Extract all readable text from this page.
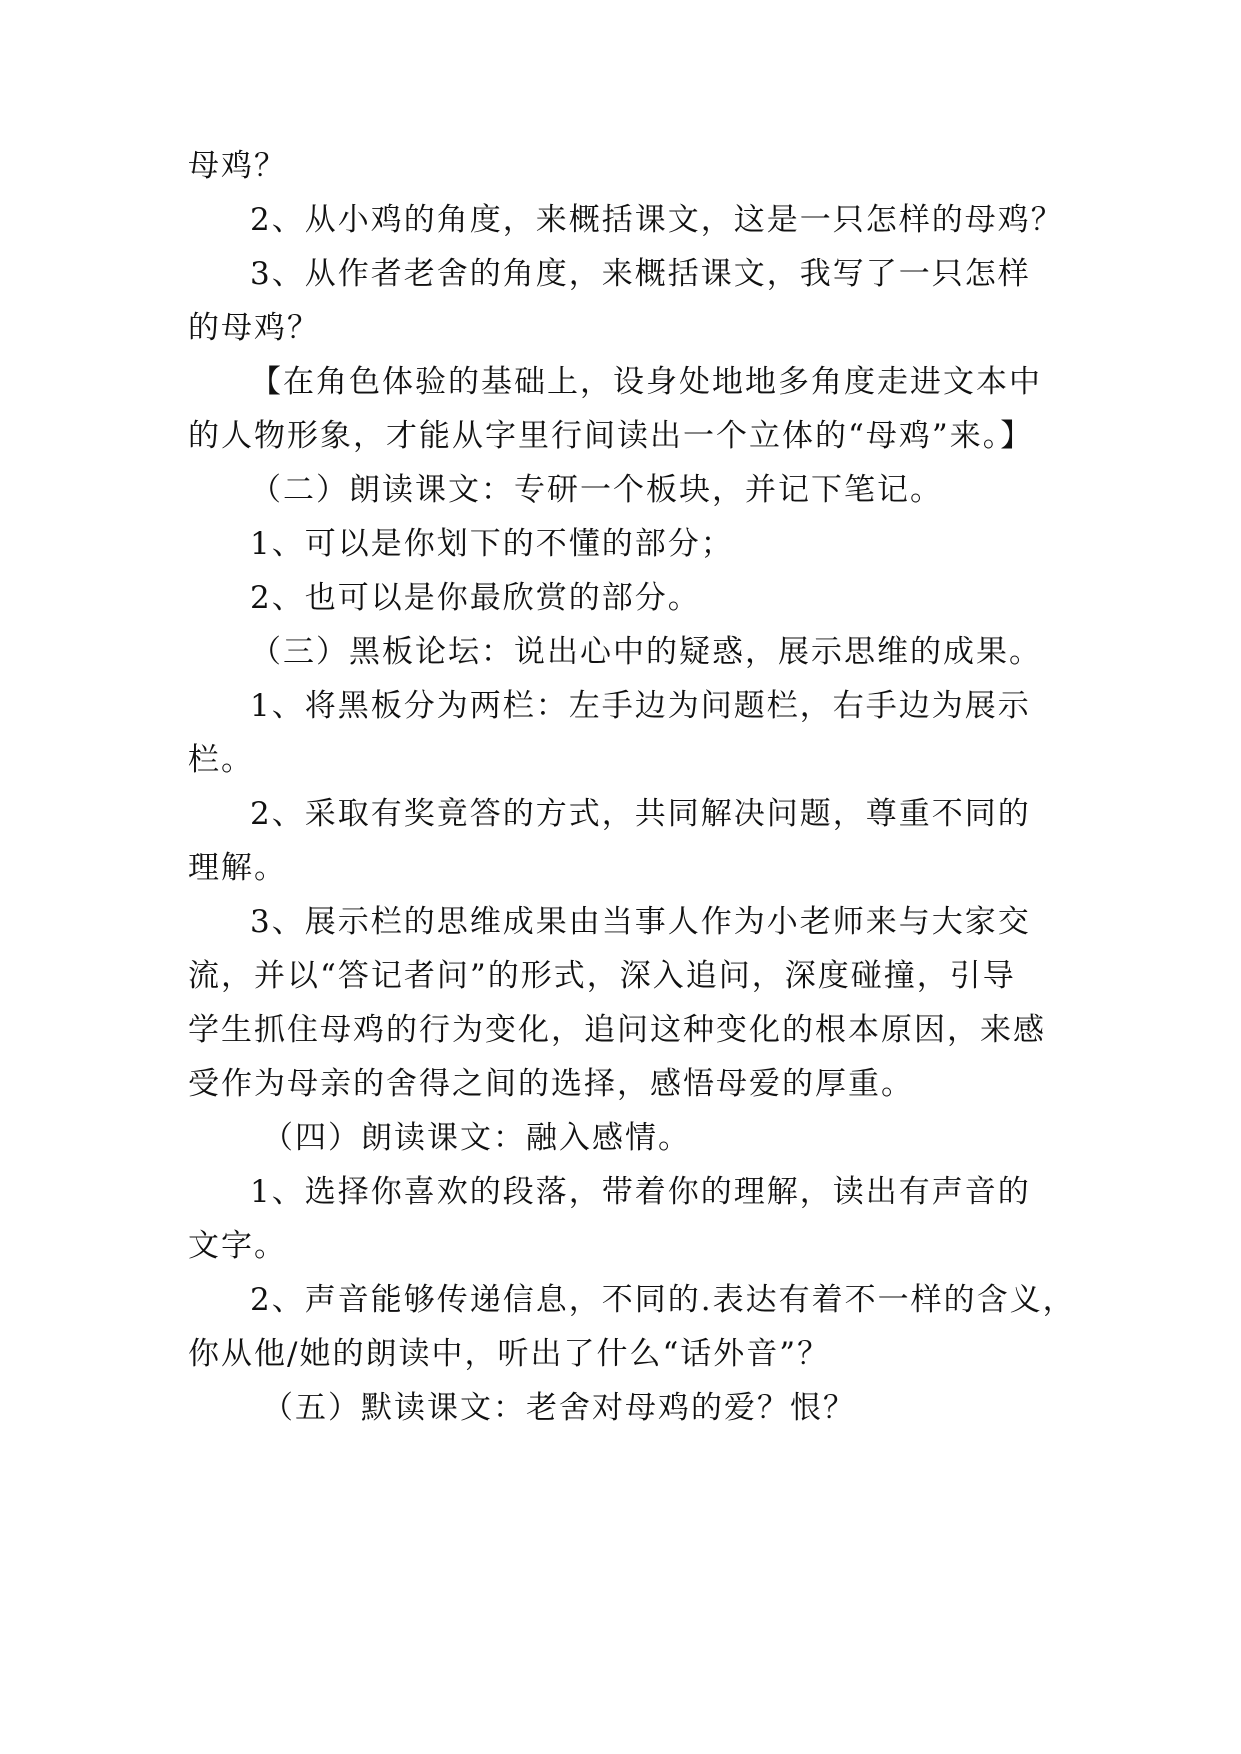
母鸡？
2、从小鸡的角度，来概括课文，这是一只怎样的母鸡？
3、从作者老舍的角度，来概括课文，我写了一只怎样
的母鸡？
【在角色体验的基础上，设身处地地多角度走进文本中
的人物形象，才能从字里行间读出一个立体的“母鸡”来。】
（二）朗读课文：专研一个板块，并记下笔记。
1、可以是你划下的不懂的部分；
2、也可以是你最欣赏的部分。
（三）黑板论坛：说出心中的疑惑，展示思维的成果。
1、将黑板分为两栏：左手边为问题栏，右手边为展示
栏。
2、采取有奖竟答的方式，共同解决问题，尊重不同的
理解。
3、展示栏的思维成果由当事人作为小老师来与大家交
流，并以“答记者问”的形式，深入追问，深度碰撞，引导
学生抓住母鸡的行为变化，追问这种变化的根本原因，来感
受作为母亲的舍得之间的选择，感悟母爱的厚重。
（四）朗读课文：融入感情。
1、选择你喜欢的段落，带着你的理解，读出有声音的
文字。
2、声音能够传递信息，不同的.表达有着不一样的含义，
你从他/她的朗读中，听出了什么“话外音”？
（五）默读课文：老舍对母鸡的爱？恨？
